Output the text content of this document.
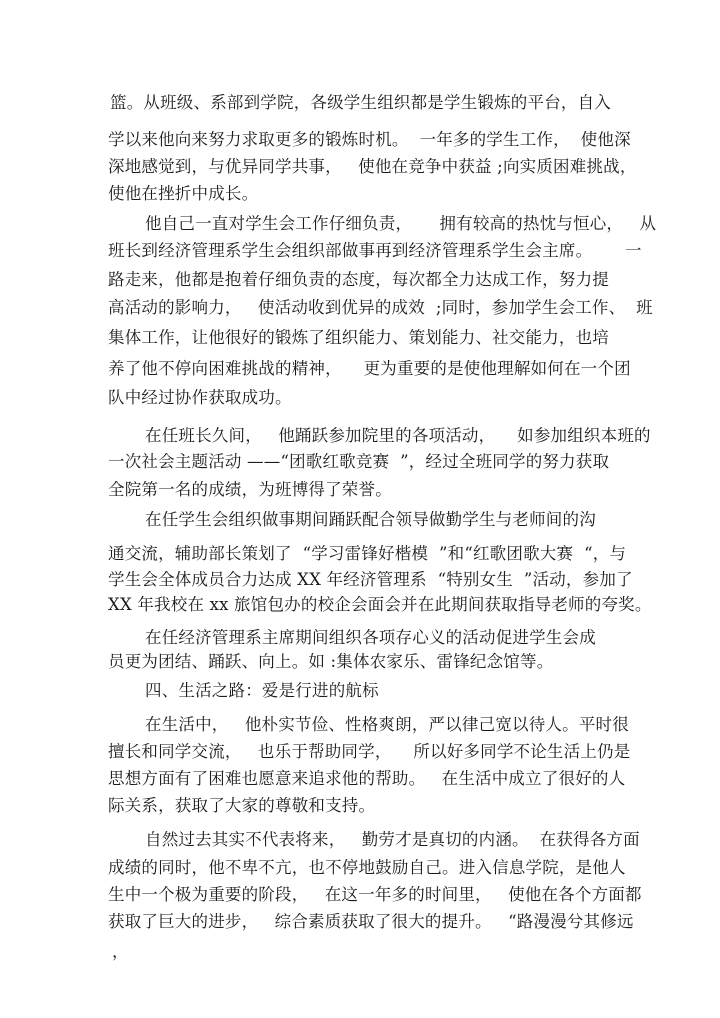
篮。从班级、系部到学院，各级学生组织都是学生锻炼的平台，自入
学以来他向来努力求取更多的锻炼时机。  一年多的学生工作，  使他深
深地感觉到，与优异同学共事，   使他在竞争中获益 ;向实质困难挑战，
使他在挫折中成长。
他自己一直对学生会工作仔细负责，     拥有较高的热忱与恒心，   从
班长到经济管理系学生会组织部做事再到经济管理系学生会主席。      一
路走来，他都是抱着仔细负责的态度，每次都全力达成工作，努力提
高活动的影响力，   使活动收到优异的成效  ;同时，参加学生会工作、  班
集体工作，让他很好的锻炼了组织能力、策划能力、社交能力，也培
养了他不停向困难挑战的精神，    更为重要的是使他理解如何在一个团
队中经过协作获取成功。
在任班长久间，   他踊跃参加院里的各项活动，    如参加组织本班的
一次社会主题活动 ——“团歌红歌竞赛  ”，经过全班同学的努力获取
全院第一名的成绩，为班博得了荣誉。
在任学生会组织做事期间踊跃配合领导做勤学生与老师间的沟
通交流，辅助部长策划了  “学习雷锋好楷模  ”和“红歌团歌大赛  “，与
学生会全体成员合力达成 XX 年经济管理系  “特别女生  ”活动，参加了
XX 年我校在 xx 旅馆包办的校企会面会并在此期间获取指导老师的夸奖。
在任经济管理系主席期间组织各项存心义的活动促进学生会成
员更为团结、踊跃、向上。如 :集体农家乐、雷锋纪念馆等。
四、生活之路：爱是行进的航标
在生活中，   他朴实节俭、性格爽朗，严以律己宽以待人。平时很
擅长和同学交流，   也乐于帮助同学，    所以好多同学不论生活上仍是
思想方面有了困难也愿意来追求他的帮助。   在生活中成立了很好的人
际关系，获取了大家的尊敬和支持。
自然过去其实不代表将来，   勤劳才是真切的内涵。  在获得各方面
成绩的同时，他不卑不亢，也不停地鼓励自己。进入信息学院，是他人
生中一个极为重要的阶段，   在这一年多的时间里，   使他在各个方面都
获取了巨大的进步，   综合素质获取了很大的提升。   “路漫漫兮其修远
，
